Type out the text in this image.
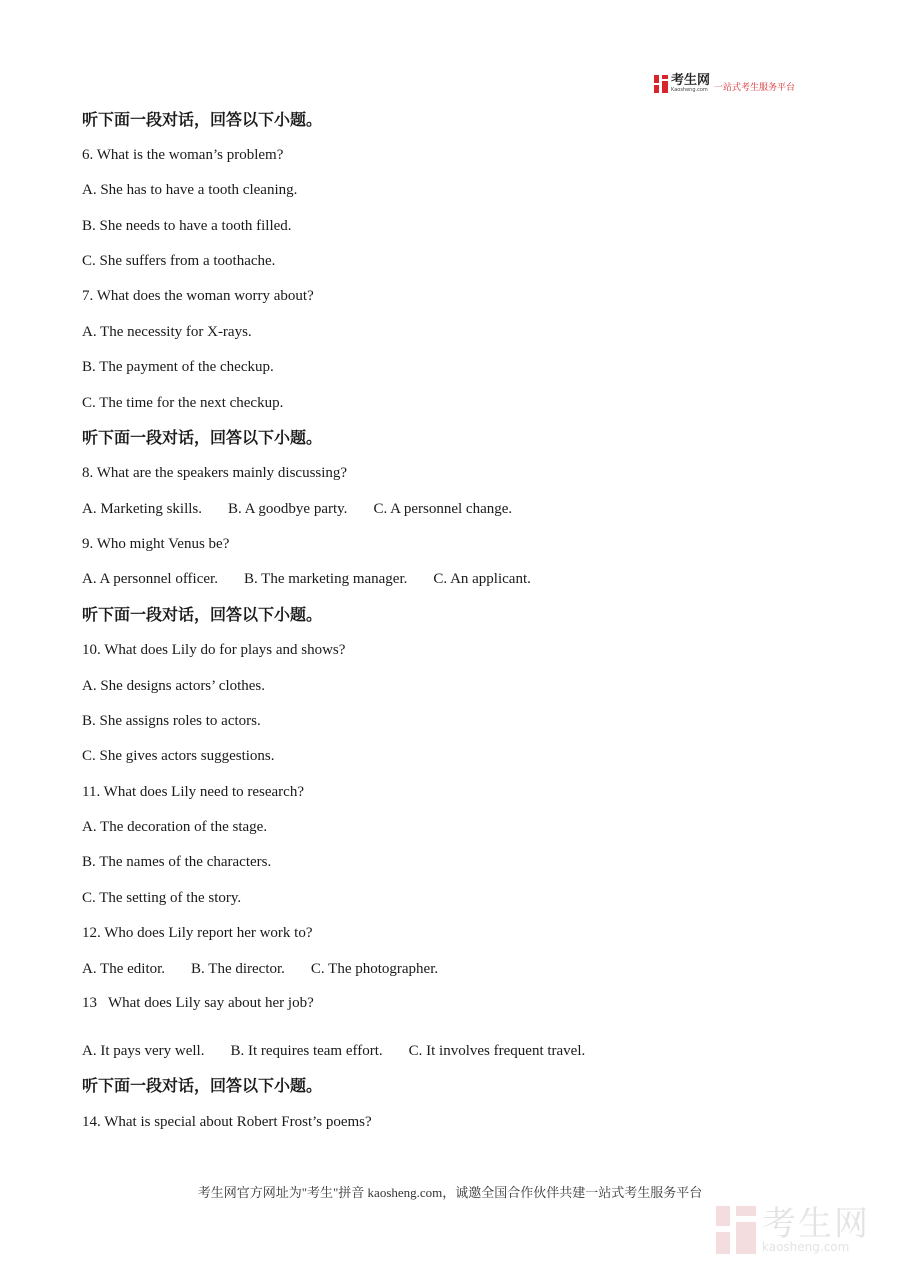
考生网
Kaosheng.com 一站式考生服务平台
听下面一段对话，回答以下小题。
6. What is the woman’s problem?
A. She has to have a tooth cleaning.
B. She needs to have a tooth filled.
C. She suffers from a toothache.
7. What does the woman worry about?
A. The necessity for X-rays.
B. The payment of the checkup.
C. The time for the next checkup.
听下面一段对话，回答以下小题。
8. What are the speakers mainly discussing?
A. Marketing skills. B. A goodbye party. C. A personnel change.
9. Who might Venus be?
A. A personnel officer. B. The marketing manager. C. An applicant.
听下面一段对话，回答以下小题。
10. What does Lily do for plays and shows?
A. She designs actors’ clothes.
B. She assigns roles to actors.
C. She gives actors suggestions.
11. What does Lily need to research?
A. The decoration of the stage.
B. The names of the characters.
C. The setting of the story.
12. Who does Lily report her work to?
A. The editor. B. The director. C. The photographer.
13   What does Lily say about her job?
A. It pays very well. B. It requires team effort. C. It involves frequent travel.
听下面一段对话，回答以下小题。
14. What is special about Robert Frost’s poems?
考生网官方网址为"考生"拼音 kaosheng.com，诚邀全国合作伙伴共建一站式考生服务平台
考生网
kaosheng.com
